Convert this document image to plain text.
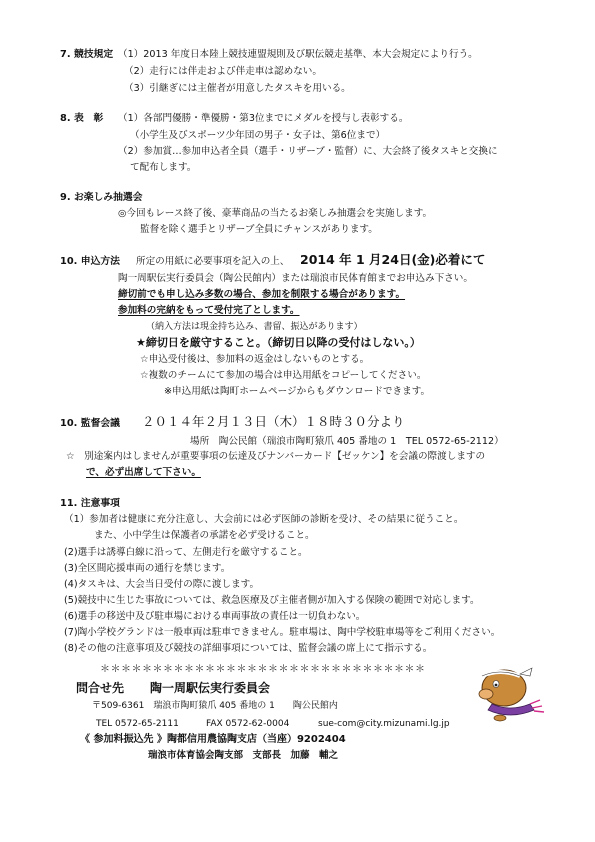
7. 競技規定 （1）2013 年度日本陸上競技連盟規則及び駅伝競走基準、本大会規定により行う。
（2）走行には伴走および伴走車は認めない。
（3）引継ぎには主催者が用意したタスキを用いる。
8. 表　彰 （1）各部門優勝・準優勝・第3位までにメダルを授与し表彰する。
（小学生及びスポーツ少年団の男子・女子は、第6位まで）
（2）参加賞…参加申込者全員（選手・リザーブ・監督）に、大会終了後タスキと交換に
て配布します。
9. お楽しみ抽選会
◎今回もレース終了後、豪華商品の当たるお楽しみ抽選会を実施します。
監督を除く選手とリザーブ全員にチャンスがあります。
10. 申込方法 所定の用紙に必要事項を記入の上、 2014 年 1 月24日(金)必着にて
陶一周駅伝実行委員会（陶公民館内）または瑞浪市民体育館までお申込み下さい。
締切前でも申し込み多数の場合、参加を制限する場合があります。
参加料の完納をもって受付完了とします。
（納入方法は現金持ち込み、書留、振込があります）
★締切日を厳守すること。（締切日以降の受付はしない。）
☆申込受付後は、参加料の返金はしないものとする。
☆複数のチームにて参加の場合は申込用紙をコピーしてください。
※申込用紙は陶町ホームページからもダウンロードできます。
10. 監督会議 ２０１４年２月１３日（木）１８時３０分より
場所　陶公民館（瑞浪市陶町猿爪 405 番地の 1　TEL 0572-65-2112）
☆　別途案内はしませんが重要事項の伝達及びナンバーカード【ゼッケン】を会議の際渡しますの
で、必ず出席して下さい。
11. 注意事項
（1）参加者は健康に充分注意し、大会前には必ず医師の診断を受け、その結果に従うこと。
また、小中学生は保護者の承諾を必ず受けること。
(2)選手は誘導白線に沿って、左側走行を厳守すること。
(3)全区間応援車両の通行を禁じます。
(4)タスキは、大会当日受付の際に渡します。
(5)競技中に生じた事故については、救急医療及び主催者側が加入する保険の範囲で対応します。
(6)選手の移送中及び駐車場における車両事故の責任は一切負わない。
(7)陶小学校グランドは一般車両は駐車できません。駐車場は、陶中学校駐車場等をご利用ください。
(8)その他の注意事項及び競技の詳細事項については、監督会議の席上にて指示する。
＊＊＊＊＊＊＊＊＊＊＊＊＊＊＊＊＊＊＊＊＊＊＊＊＊＊＊＊＊＊＊
問合せ先 陶一周駅伝実行委員会
〒509-6361　瑞浪市陶町猿爪 405 番地の 1　　陶公民館内
TEL 0572-65-2111	FAX 0572-62-0004	sue-com@city.mizunami.lg.jp
《 参加料振込先 》陶都信用農協陶支店（当座）9202404
瑞浪市体育協会陶支部　支部長　加藤　輔之
